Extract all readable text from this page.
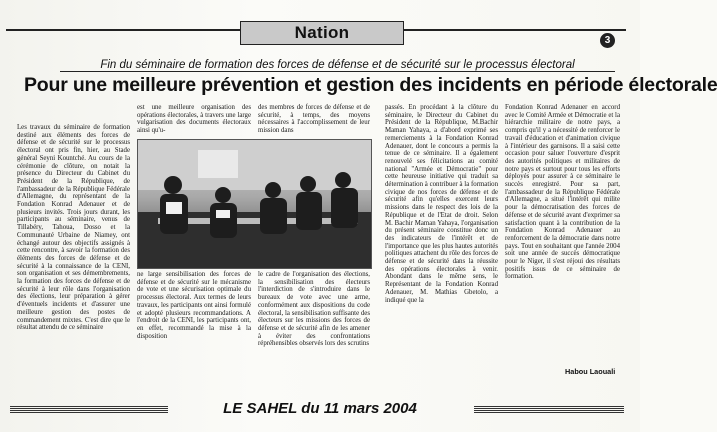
Nation	3
Fin du séminaire de formation des forces de défense et de sécurité sur le processus électoral
Pour une meilleure prévention et gestion des incidents en période électorale

Les travaux du séminaire de formation destiné aux éléments des forces de défense et de sécurité sur le processus électoral ont pris fin, hier, au Stade général Seyni Kountché. Au cours de la cérémonie de clôture, on notait la présence du Directeur du Cabinet du Président de la République, de l'ambassadeur de la République Fédérale d'Allemagne, du représentant de la Fondation Konrad Adenauer et de plusieurs invités. Trois jours durant, les participants au séminaire, venus de Tillabéry, Tahoua, Dosso et la Communauté Urbaine de Niamey, ont échangé autour des objectifs assignés à cette rencontre, à savoir la formation des éléments des forces de défense et de sécurité à la connaissance de la CENI, son organisation et ses démembrements, la formation des forces de défense et de sécurité à leur rôle dans l'organisation des élections, leur préparation à gérer d'éventuels incidents et d'assurer une meilleure gestion des postes de commandement mixtes. C'est dire que le résultat attendu de ce séminaire

est une meilleure organisation des opérations électorales, à travers une large vulgarisation des documents électoraux ainsi qu'u-

des membres de forces de défense et de sécurité, à temps, des moyens nécessaires à l'accomplissement de leur mission dans

ne large sensibilisation des forces de défense et de sécurité sur le mécanisme de vote et une sécurisation optimale du processus électoral. Aux termes de leurs travaux, les participants ont ainsi formulé et adopté plusieurs recommandations. A l'endroit de la CENI, les participants ont, en effet, recommandé la mise à la disposition

le cadre de l'organisation des élections, la sensibilisation des électeurs l'interdiction de s'introduire dans le bureaux de vote avec une arme, conformément aux dispositions du code électoral, la sensibilisation suffisante des électeurs sur les missions des forces de défense et de sécurité afin de les amener à éviter des confrontations répréhensibles observés lors des scrutins

passés. En procédant à la clôture du séminaire, le Directeur du Cabinet du Président de la République, M.Bachir Maman Yahaya, a d'abord exprimé ses remerciements à la Fondation Konrad Adenauer, dont le concours a permis la tenue de ce séminaire. Il a également renouvelé ses félicitations au comité national "Armée et Démocratie" pour cette heureuse initiative qui traduit sa détermination à contribuer à la formation civique de nos forces de défense et de sécurité afin qu'elles exercent leurs missions dans le respect des lois de la République et de l'Etat de droit. Selon M. Bachir Maman Yahaya, l'organisation du présent séminaire constitue donc un des indicateurs de l'intérêt et de l'importance que les plus hautes autorités politiques attachent du rôle des forces de défense et de sécurité dans la réussite des opérations électorales à venir. Abondant dans le même sens, le Représentant de la Fondation Konrad Adenauer, M. Mathias Gbetolo, a indiqué que la

Fondation Konrad Adenauer en accord avec le Comité Armée et Démocratie et la hiérarchie militaire de notre pays, a compris qu'il y a nécessité de renforcer le travail d'éducation et d'animation civique à l'intérieur des garnisons. Il a saisi cette occasion pour saluer l'ouverture d'esprit des autorités politiques et militaires de notre pays et surtout pour tous les efforts déployés pour assurer à ce séminaire le succès enregistré. Pour sa part, l'ambassadeur de la République Fédérale d'Allemagne, a situé l'intérêt qui milite pour la démocratisation des forces de défense et de sécurité avant d'exprimer sa satisfaction quant à la contribution de la Fondation Konrad Adenauer au renforcement de la démocratie dans notre pays. Tout en souhaitant que l'année 2004 soit une année de succès démocratique pour le Niger, il s'est réjoui des résultats positifs issus de ce séminaire de formation.

Habou Laouali
LE SAHEL du 11 mars 2004
